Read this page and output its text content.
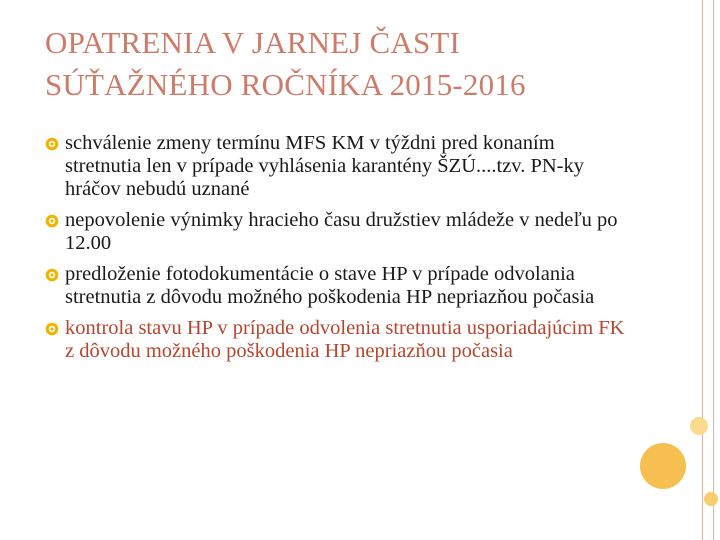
OPATRENIA V JARNEJ ČASTI
SÚŤAŽNÉHO ROČNÍKA 2015-2016
schválenie zmeny termínu MFS KM v týždni pred konaním stretnutia len v prípade vyhlásenia karantény ŠZÚ....tzv. PN-ky hráčov nebudú uznané
nepovolenie výnimky hracieho času družstiev mládeže v nedeľu po 12.00
predloženie fotodokumentácie o stave HP v prípade odvolania stretnutia z dôvodu možného poškodenia HP nepriazňou počasia
kontrola stavu HP v prípade odvolenia stretnutia usporiadajúcim FK z dôvodu možného poškodenia HP nepriazňou počasia
